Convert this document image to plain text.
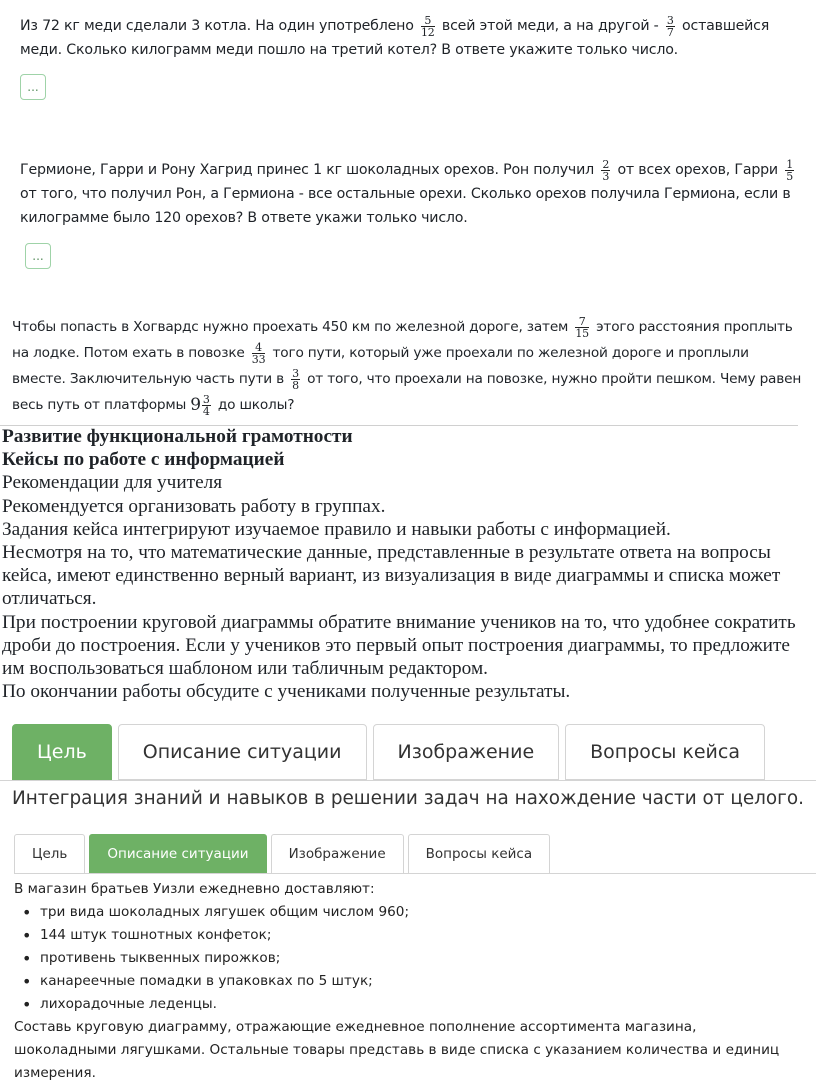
Из 72 кг меди сделали 3 котла. На один употреблено $\frac{5}{12}$ всей этой меди, а на другой - $\frac{3}{7}$ оставшейся меди. Сколько килограмм меди пошло на третий котел? В ответе укажите только число.
...
Гермионе, Гарри и Рону Хагрид принес 1 кг шоколадных орехов. Рон получил $\frac{2}{3}$ от всех орехов, Гарри $\frac{1}{5}$
от того, что получил Рон, а Гермиона - все остальные орехи. Сколько орехов получила Гермиона, если в килограмме было 120 орехов? В ответе укажи только число.
...
Чтобы попасть в Хогвардс нужно проехать 450 км по железной дороге, затем $\frac{7}{15}$ этого расстояния проплыть на лодке. Потом ехать в повозке $\frac{4}{33}$ того пути, который уже проехали по железной дороге и проплыли вместе. Заключительную часть пути в $\frac{3}{8}$ от того, что проехали на повозке, нужно пройти пешком. Чему равен весь путь от платформы $9 \frac{3}{4}$ до школы?

Развитие функциональной грамотности

Кейсы по работе с информацией

Рекомендации для учителя

Рекомендуется организовать работу в группах.

Задания кейса интегрируют изучаемое правило и навыки работы с информацией.

Несмотря на то, что математические данные, представленные в результате ответа на вопросы кейса, имеют единственно верный вариант, из визуализация в виде диаграммы и списка может отличаться.

При построении круговой диаграммы обратите внимание учеников на то, что удобнее сократить дроби до построения. Если у учеников это первый опыт построения диаграммы, то предложите им воспользоваться шаблоном или табличным редактором.

По окончании работы обсудите с учениками полученные результаты.

Цель	Описание ситуации	Изображение	Вопросы кейса
Интеграция знаний и навыков в решении задач на нахождение части от целого.
Цель	Описание ситуации	Изображение	Вопросы кейса

В магазин братьев Уизли ежедневно доставляют:

• три вида шоколадных лягушек общим числом 960;
• 144 штук тошнотных конфеток;
• противень тыквенных пирожков;
• канареечные помадки в упаковках по 5 штук;
• лихорадочные леденцы.

Составь круговую диаграмму, отражающие ежедневное пополнение ассортимента магазина, шоколадными лягушками. Остальные товары представь в виде списка с указанием количества и единиц измерения.
